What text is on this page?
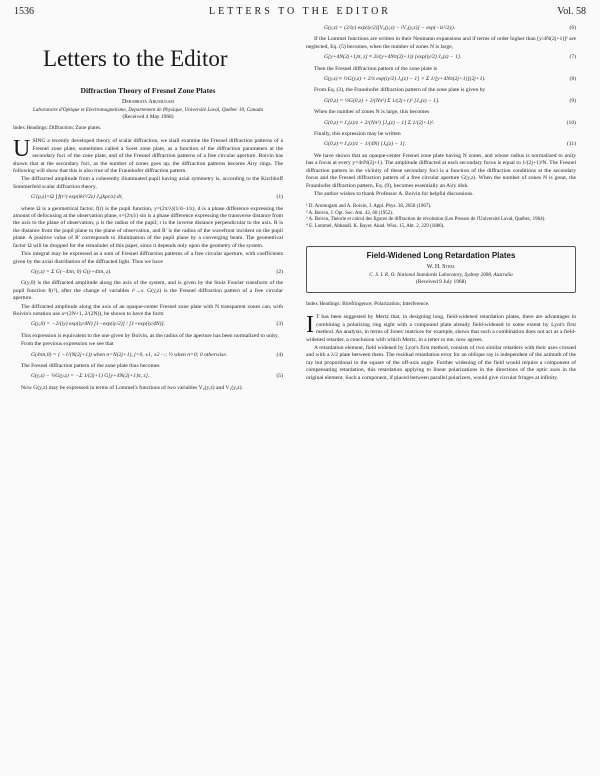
1536	LETTERS TO THE EDITOR	Vol. 58
Letters to the Editor
Diffraction Theory of Fresnel Zone Plates
Debabrata Arumugam
Laboratoire d'Optique et Electromagnetisme, Departement de Physique, Université Laval, Québec 10, Canada
(Received 4 May 1968)
Index Headings: Diffraction; Zone plates.
USING a recently developed theory of scalar diffraction, we shall examine the Fresnel diffraction patterns of a Fresnel zone plate, sometimes called a Soret zone plate, as a function of the diffraction parameters at the secondary foci of the zone plate, and of the Fresnel diffraction patterns of a free circular aperture. Boivin has shown that at the secondary foci, as the number of zones goes up, the diffraction patterns become Airy rings. The following will show that this is also true of the Fraunhofer diffraction pattern.
The diffracted amplitude from a coherently illuminated pupil having axial symmetry is, according to the Kirchhoff Sommerfeld scalar diffraction theory,
G'(ρ,z)=Ω ∫ f(r²) exp(ikr²/2z) J₀(kρr/z) dr,	(1)
where Ω is a geometrical factor, f(r) is the pupil function, y=(2π/λ)(1/d−1/z), d is a phase difference expressing the amount of defocusing at the observation plane, s=(2π/λ) sin is a phase difference expressing the transverse distance from the axis to the plane of observation; ρ is the radius of the pupil; r is the inverse distance perpendicular to the axis. R is the distance from the pupil plane to the plane of observation, and R' is the radius of the wavefront incident on the pupil plane. A positive value of R' corresponds to illumination of the pupil plane by a converging beam. The geometrical factor Ω will be dropped for the remainder of this paper, since it depends only upon the geometry of the system.
This integral may be expressed as a sum of Fresnel diffraction patterns of a free circular aperture, with coefficients given by the axial distribution of the diffracted light. Thus we have
G(y,z) = Σ G(−4πn, 0) G(y+4πn, z).	(2)
G(y,0) is the diffracted amplitude along the axis of the system, and is given by the Stolz Fourier transform of the pupil function f(r²), after the change of variables r²→v. G(y,z) is the Fresnel diffraction pattern of a free circular aperture.
The diffracted amplitude along the axis of an opaque-center Fresnel zone plate with N transparent zones can, with Boivin's notation use a=(2N+1, 2/(2N)), be shown to have the form
G(y,0) = −2/(iy) exp(iy/4N) [1−exp(iy/2)] / [1+exp(iy/4N)].	(3)
This expression is equivalent to the one given by Boivin, as the radius of the aperture has been normalized to unity.
From the previous expression we see that
G(4πn,0) = { −1/(N(2j+1)) when n=N(2j+1), j=0, ±1, ±2 ···; ½ when n=0; 0 otherwise.	(4)
The Fresnel diffraction pattern of the zone plate thus becomes
G(y,z) − ½G(y,z) = −Σ 1/(2j+1) G[y+4N(2j+1)π, z].	(5)
Now G(y,z) may be expressed in terms of Lommel's functions of two variables V₀(y,z) and V₁(y,z).
G(y,z) = (2/iy) exp(iy/2)[V₀(y,z) − iV₁(y,z)] − exp(−iz²/2y).	(6)
If the Lommel functions are written in their Neumann expansions and if terms of order higher than [y/4N(2j+1)]² are neglected, Eq. (5) becomes, when the number of zones N is large,
G[y+4N(2j+1)π, z] ≈ 2i/(y+4Nπ(2j+1)) [exp(iy/2) J₀(z) − 1].	(7)
Then the Fresnel diffraction pattern of the zone plate is
G(y,z) ≈ ½G(y,z) + 2/π exp(iy/2) J₀(z) − 1] × Σ 1/[y+4Nπ(2j+1)](2j+1).	(8)
From Eq. (3), the Fraunhofer diffraction pattern of the zone plate is given by
G(0,z) = ½G(0,z) + 2/(Nπ²) Σ 1/(2j+1)² [J₀(z) − 1].	(9)
When the number of zones N is large, this becomes
G(0,z) ≈ J₁(z)/z + 2/(Nπ²) [J₀(z) − 1] Σ 1/(2j+1)².	(10)
Finally, this expression may be written
G(0,z) ≈ J₁(z)/z − 1/(4N) [J₀(z) − 1].	(11)
We have shown that an opaque-center Fresnel zone plate having N zones, and whose radius is normalized to unity has a focus at every y=4πN(2j+1). The amplitude diffracted at each secondary focus is equal to 1/(2j+1)²N. The Fresnel diffraction pattern in the vicinity of these secondary foci is a function of the diffraction conditions at the secondary focus and the Fresnel diffraction pattern of a free circular aperture G(y,z). When the number of zones N is great, the Fraunhofer diffraction pattern, Eq. (9), becomes essentially an Airy disk.
The author wishes to thank Professor A. Boivin for helpful discussions.
¹ D. Arumugam and A. Boivin, J. Appl. Phys. 38, 2058 (1967).
² A. Boivin, J. Opt. Soc. Am. 42, 60 (1952).
³ A. Boivin, Théorie et calcul des figures de diffraction de révolution (Les Presses de l'Université Laval, Québec, 1964).
⁴ E. Lommel, Abhandl. K. Bayer. Akad. Wiss. 15, Abt. 2, 229 (1886).
Field-Widened Long Retardation Plates
W. H. Steel
C. S. I. R. O. National Standards Laboratory, Sydney 2008, Australia
(Received 9 July 1968)
Index Headings: Birefringence; Polarization; Interference.
I T has been suggested by Mertz that, in designing long, field-widened retardation plates, there are advantages in combining a polarizing ring sight with a compound plate already field-widened to some extent by Lyot's first method. An analysis, in terms of Jones' matrices for example, shows that such a combination does not act as a field-widened retarder, a conclusion with which Mertz, in a letter to me, now agrees.
A retardation element, field widened by Lyot's first method, consists of two similar retarders with their axes crossed and with a λ/2 plate between them. The residual retardation error for an oblique ray is independent of the azimuth of the ray but proportional to the square of the off-axis angle. Further widening of the field would require a component of compensating retardation, this retardation applying to linear polarizations in the directions of the optic axes in the original element. Such a component, if placed between parallel polarizers, would give circular fringes at infinity.
